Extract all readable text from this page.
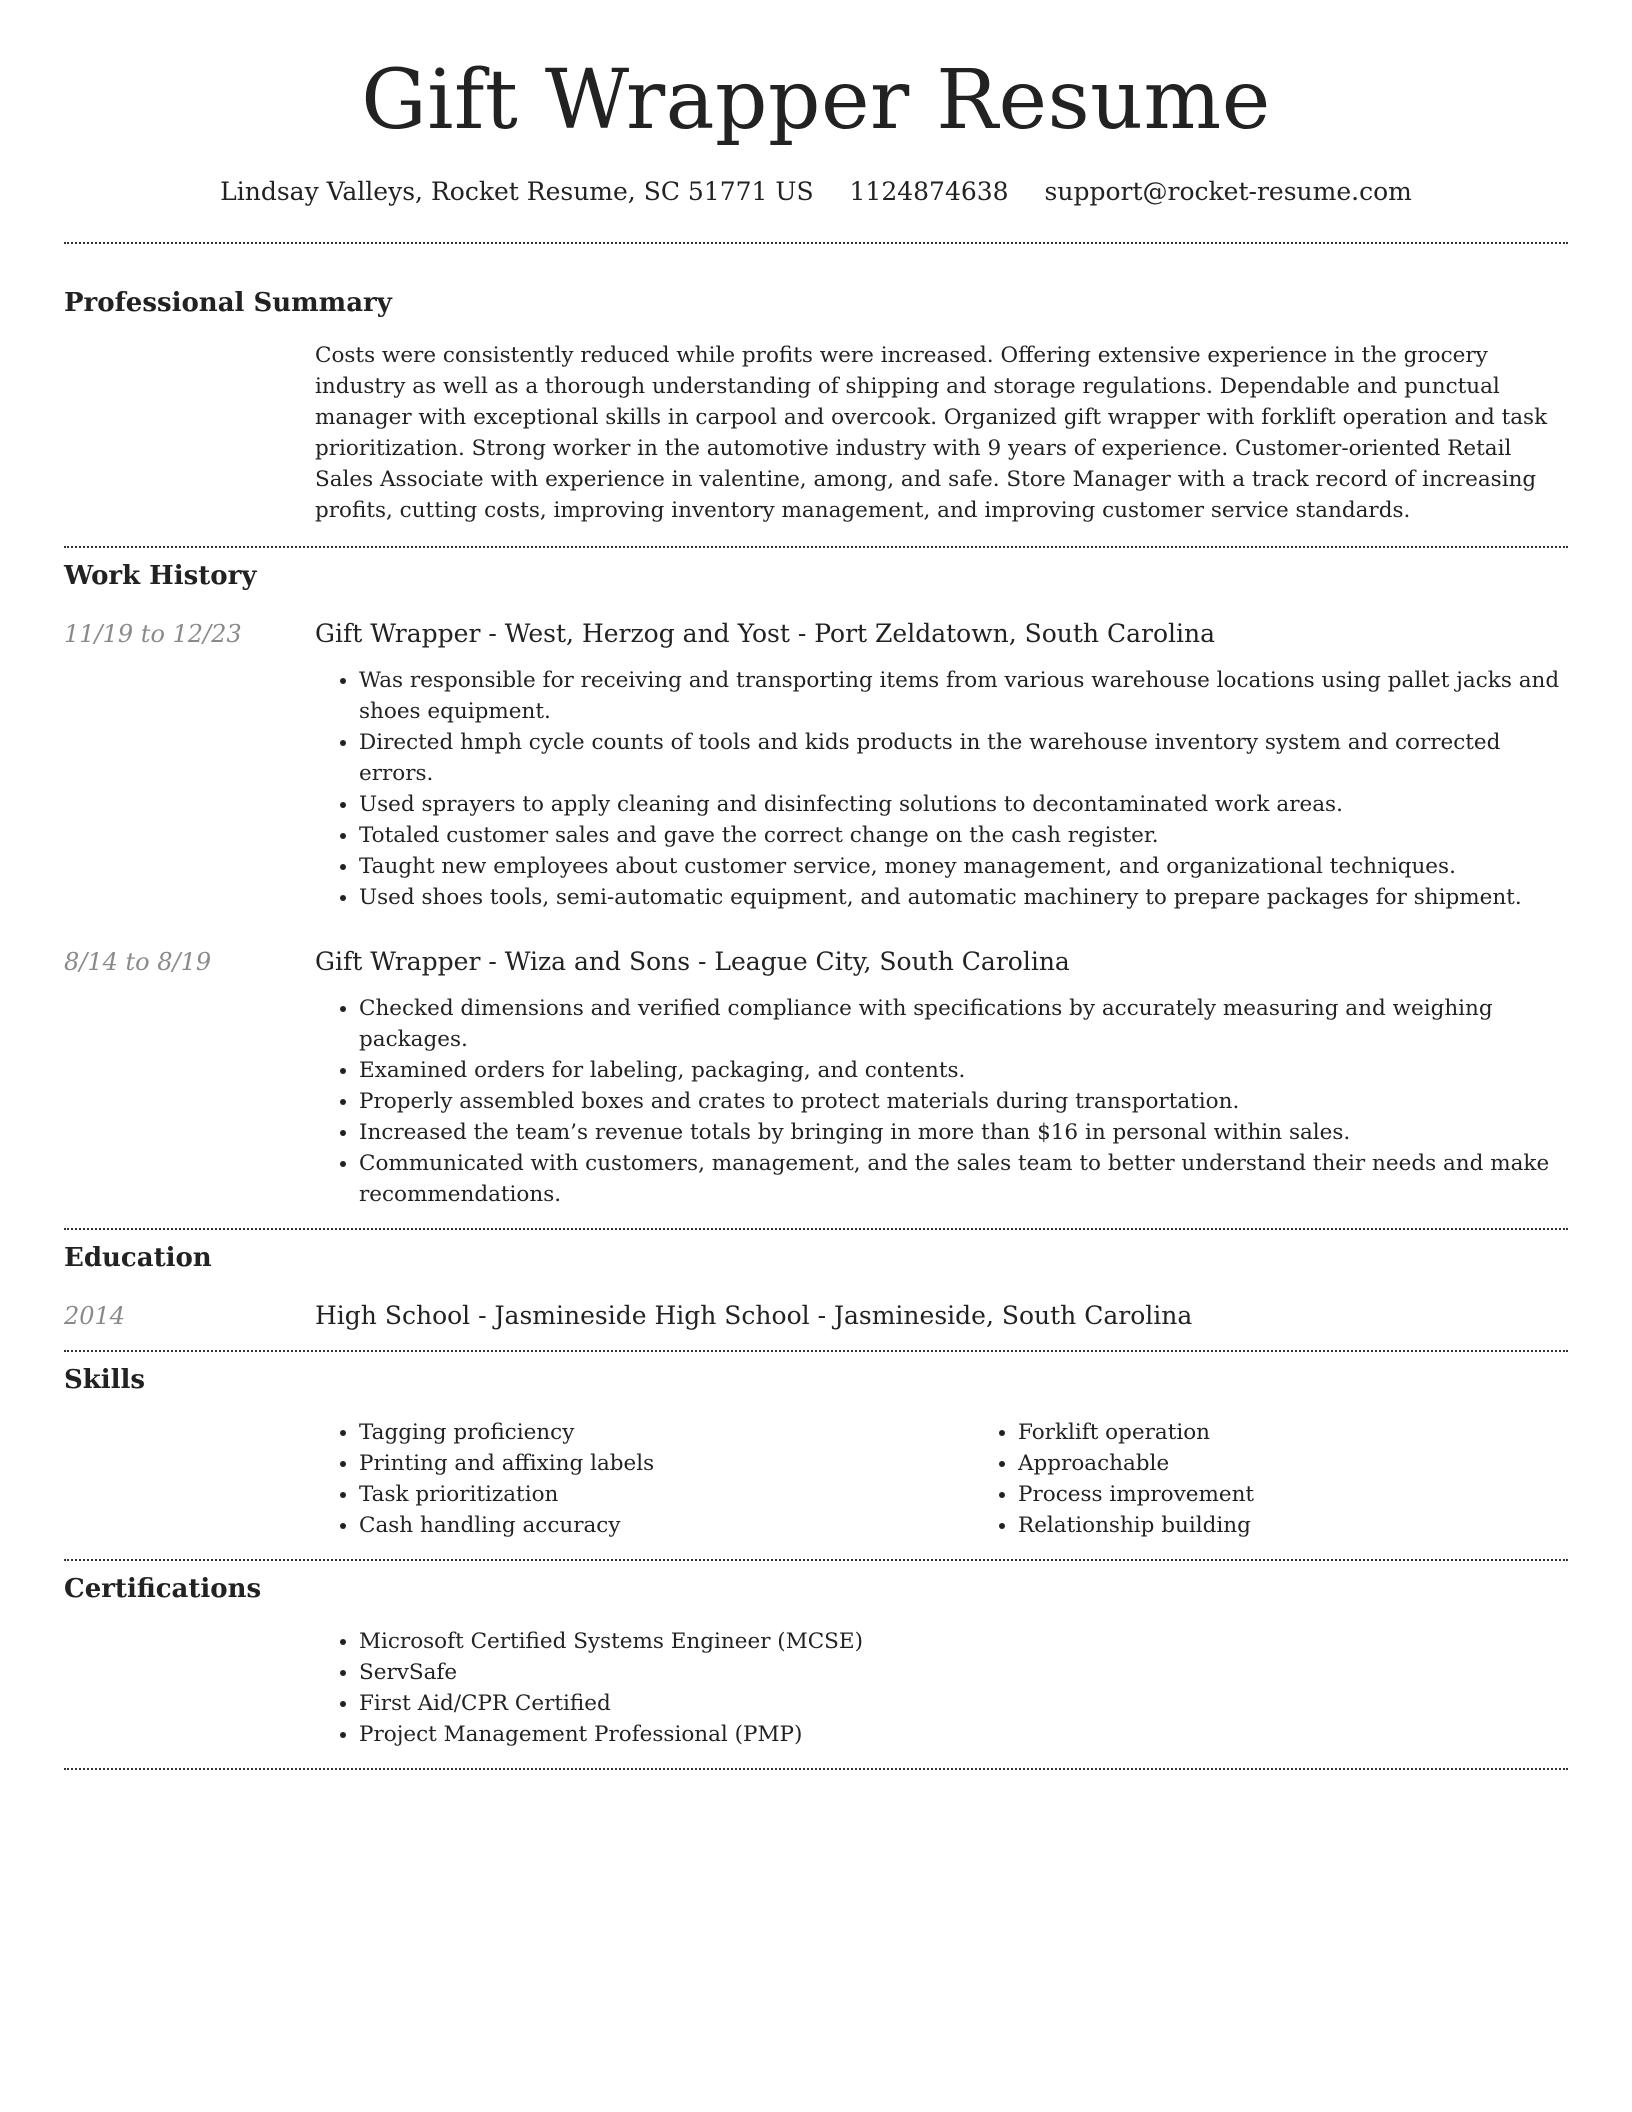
Gift Wrapper Resume
Lindsay Valleys, Rocket Resume, SC 51771 US 1124874638 support@rocket-resume.com
Professional Summary

Costs were consistently reduced while profits were increased. Offering extensive experience in the grocery industry as well as a thorough understanding of shipping and storage regulations. Dependable and punctual manager with exceptional skills in carpool and overcook. Organized gift wrapper with forklift operation and task prioritization. Strong worker in the automotive industry with 9 years of experience. Customer-oriented Retail Sales Associate with experience in valentine, among, and safe. Store Manager with a track record of increasing profits, cutting costs, improving inventory management, and improving customer service standards.

Work History
11/19 to 12/23	Gift Wrapper - West, Herzog and Yost - Port Zeldatown, South Carolina
• Was responsible for receiving and transporting items from various warehouse locations using pallet jacks and shoes equipment.
• Directed hmph cycle counts of tools and kids products in the warehouse inventory system and corrected errors.
• Used sprayers to apply cleaning and disinfecting solutions to decontaminated work areas.
• Totaled customer sales and gave the correct change on the cash register.
• Taught new employees about customer service, money management, and organizational techniques.
• Used shoes tools, semi-automatic equipment, and automatic machinery to prepare packages for shipment.
8/14 to 8/19	Gift Wrapper - Wiza and Sons - League City, South Carolina
• Checked dimensions and verified compliance with specifications by accurately measuring and weighing packages.
• Examined orders for labeling, packaging, and contents.
• Properly assembled boxes and crates to protect materials during transportation.
• Increased the team’s revenue totals by bringing in more than $16 in personal within sales.
• Communicated with customers, management, and the sales team to better understand their needs and make recommendations.
Education
2014	High School - Jasmineside High School - Jasmineside, South Carolina
Skills
• Tagging proficiency
• Printing and affixing labels
• Task prioritization
• Cash handling accuracy
• Forklift operation
• Approachable
• Process improvement
• Relationship building
Certifications
• Microsoft Certified Systems Engineer (MCSE)
• ServSafe
• First Aid/CPR Certified
• Project Management Professional (PMP)
